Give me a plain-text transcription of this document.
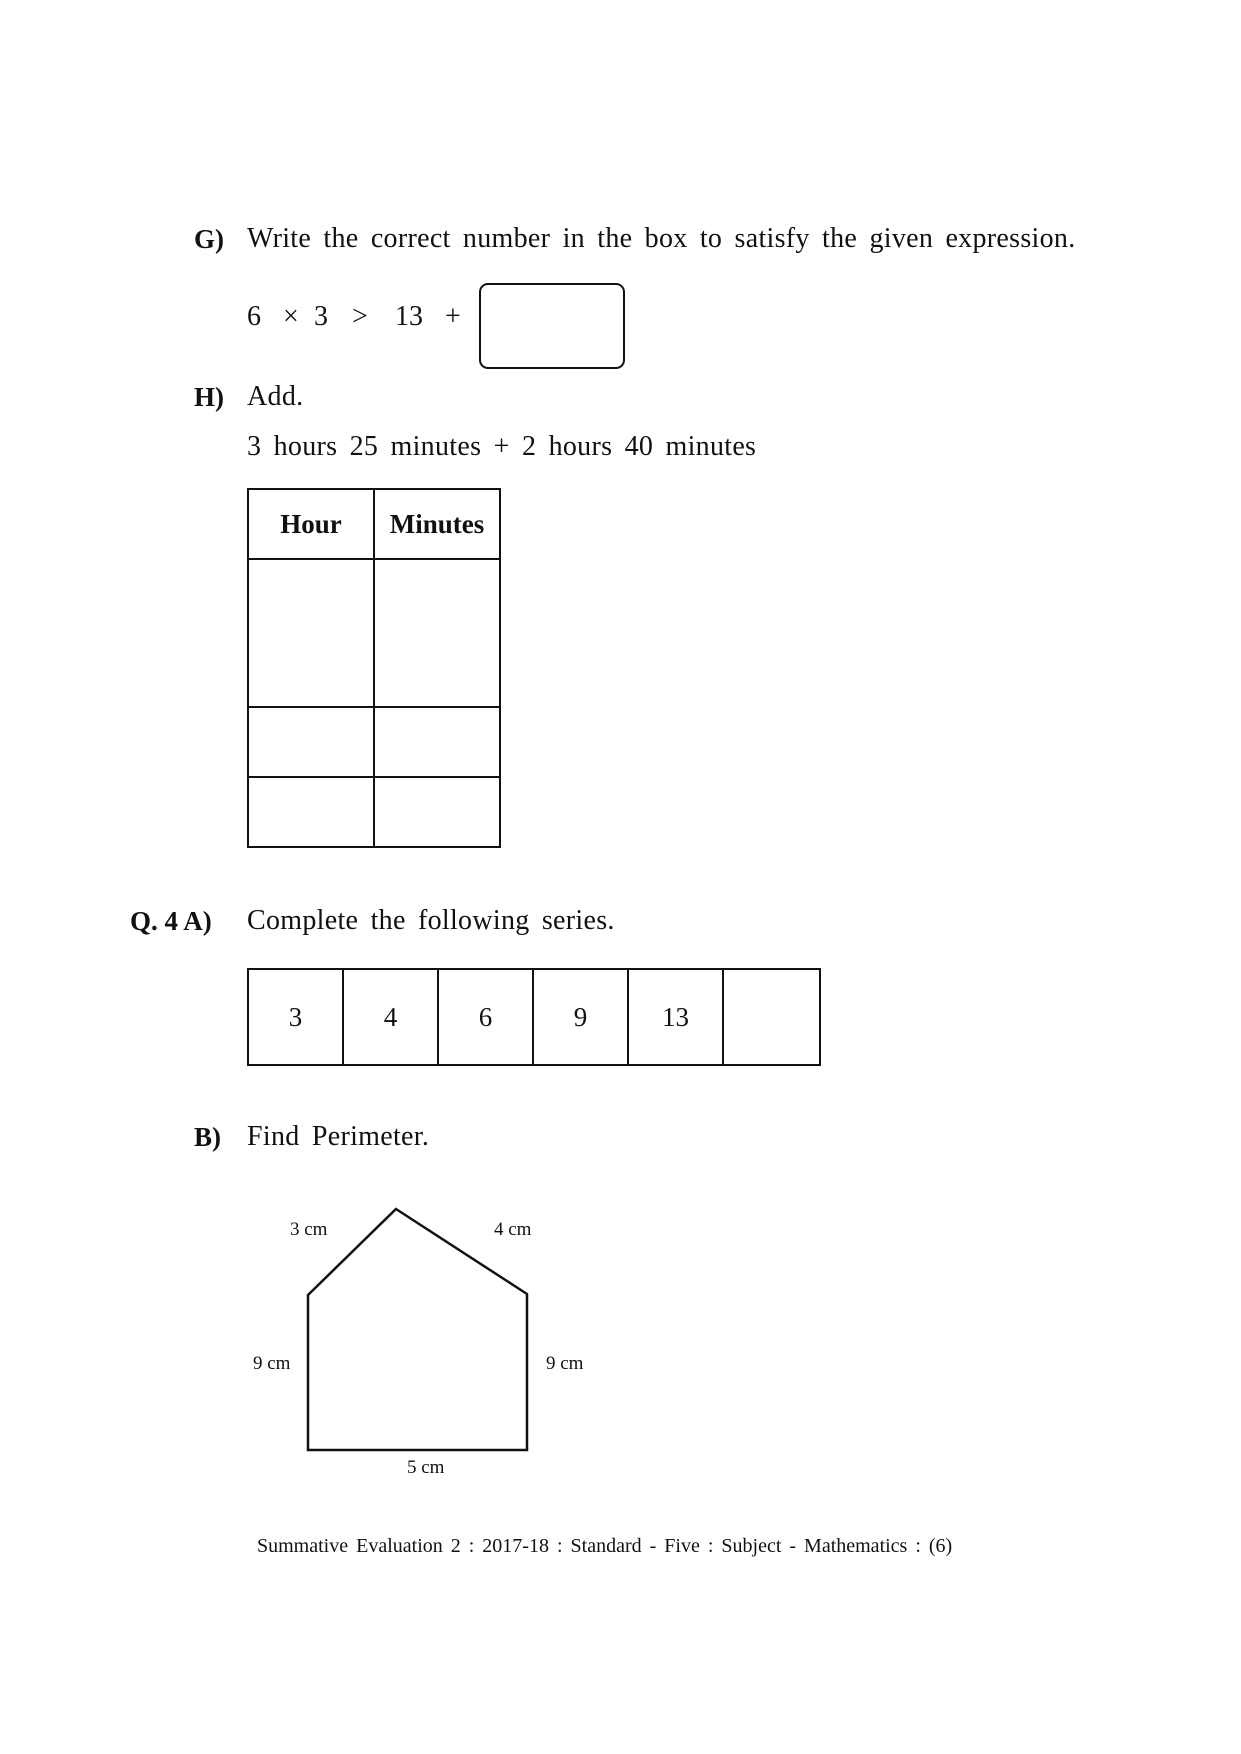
G) Write the correct number in the box to satisfy the given expression.
6 × 3 > 13 +
H) Add.
3 hours 25 minutes + 2 hours 40 minutes
Hour	Minutes

Q. 4 A) Complete the following series.
3	4	6	9	13
B) Find Perimeter.
3 cm	4 cm
9 cm	9 cm
5 cm
Summative Evaluation 2 : 2017-18 : Standard - Five : Subject - Mathematics : (6)
